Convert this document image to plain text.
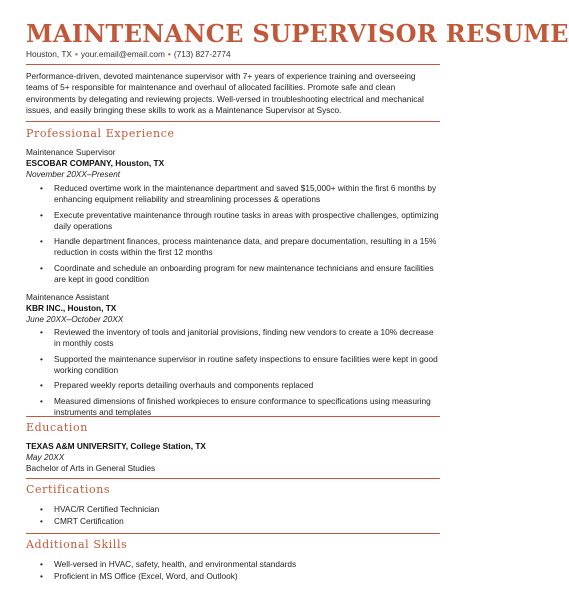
MAINTENANCE SUPERVISOR RESUME
Houston, TX • your.email@email.com • (713) 827-2774
Performance-driven, devoted maintenance supervisor with 7+ years of experience training and overseeing teams of 5+ responsible for maintenance and overhaul of allocated facilities. Promote safe and clean environments by delegating and reviewing projects. Well-versed in troubleshooting electrical and mechanical issues, and easily bringing these skills to work as a Maintenance Supervisor at Sysco.
Professional Experience
Maintenance Supervisor
ESCOBAR COMPANY, Houston, TX
November 20XX–Present
• Reduced overtime work in the maintenance department and saved $15,000+ within the first 6 months by enhancing equipment reliability and streamlining processes & operations
• Execute preventative maintenance through routine tasks in areas with prospective challenges, optimizing daily operations
• Handle department finances, process maintenance data, and prepare documentation, resulting in a 15% reduction in costs within the first 12 months
• Coordinate and schedule an onboarding program for new maintenance technicians and ensure facilities are kept in good condition
Maintenance Assistant
KBR INC., Houston, TX
June 20XX–October 20XX
• Reviewed the inventory of tools and janitorial provisions, finding new vendors to create a 10% decrease in monthly costs
• Supported the maintenance supervisor in routine safety inspections to ensure facilities were kept in good working condition
• Prepared weekly reports detailing overhauls and components replaced
• Measured dimensions of finished workpieces to ensure conformance to specifications using measuring instruments and templates
Education
TEXAS A&M UNIVERSITY, College Station, TX
May 20XX
Bachelor of Arts in General Studies
Certifications
• HVAC/R Certified Technician
• CMRT Certification
Additional Skills
• Well-versed in HVAC, safety, health, and environmental standards
• Proficient in MS Office (Excel, Word, and Outlook)
